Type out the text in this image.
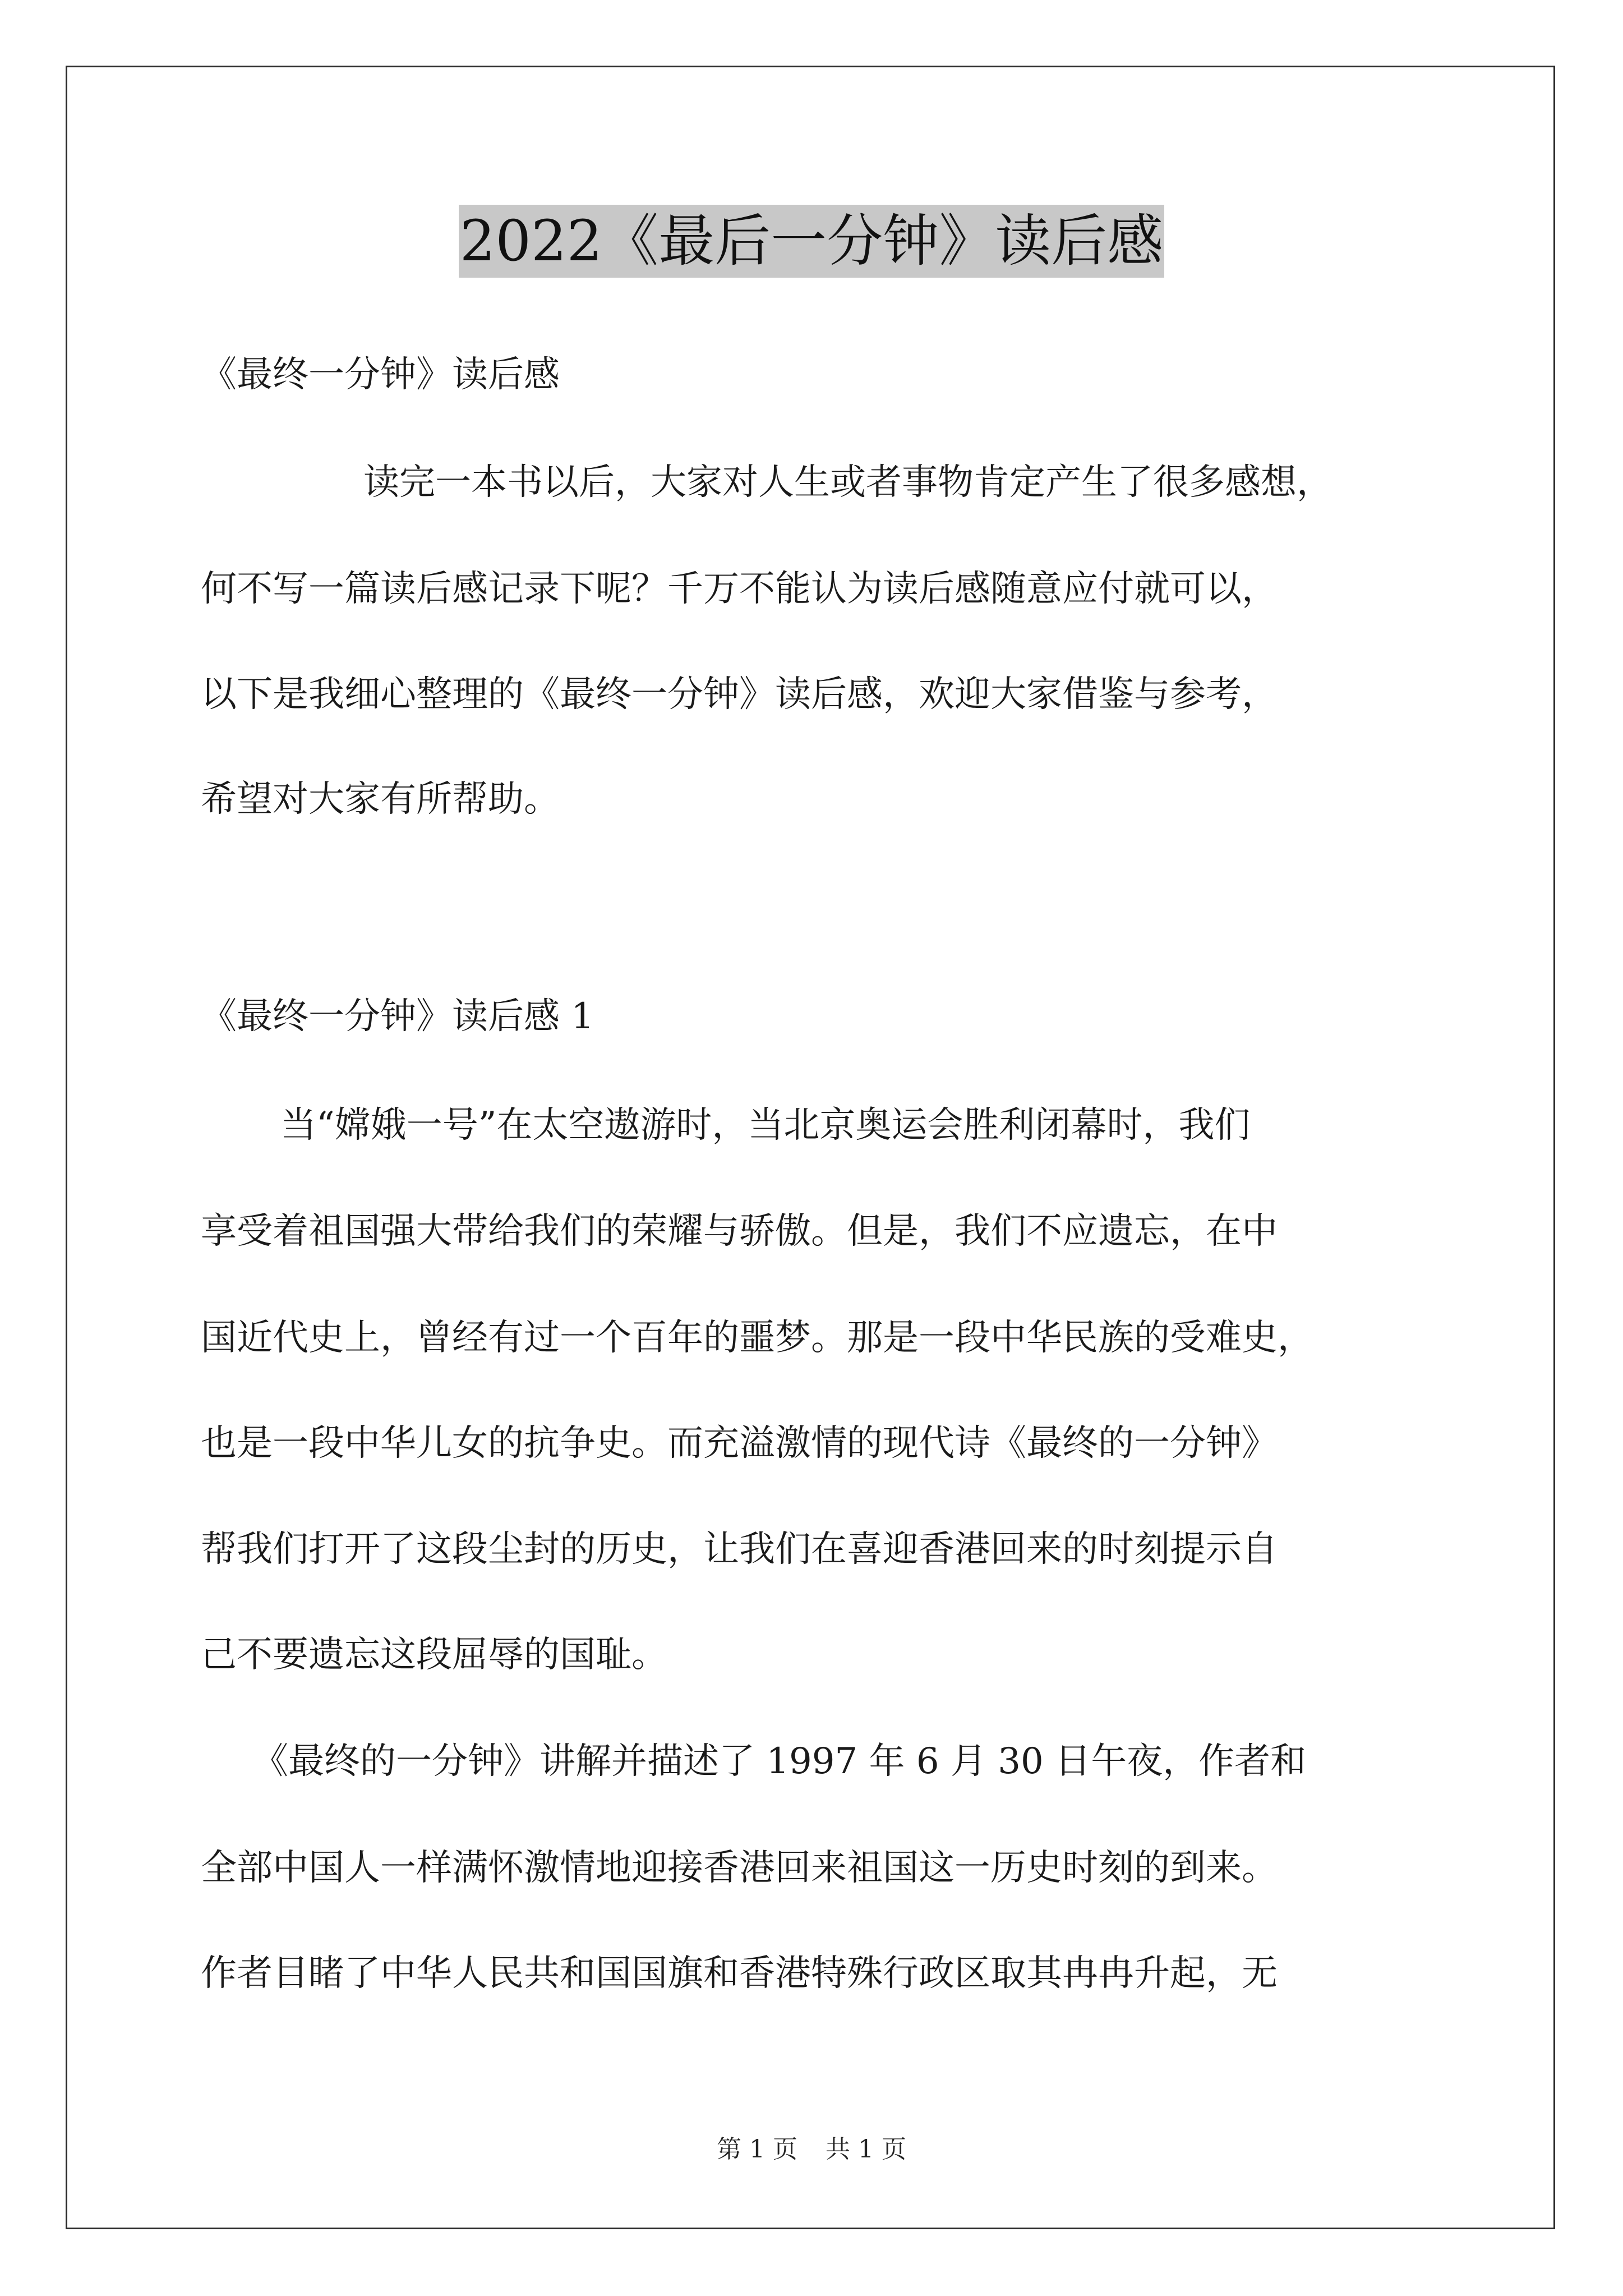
2022《最后一分钟》读后感
《最终一分钟》读后感
读完一本书以后，大家对人生或者事物肯定产生了很多感想，
何不写一篇读后感记录下呢？千万不能认为读后感随意应付就可以，
以下是我细心整理的《最终一分钟》读后感，欢迎大家借鉴与参考，
希望对大家有所帮助。
《最终一分钟》读后感 1
当“嫦娥一号”在太空遨游时，当北京奥运会胜利闭幕时，我们
享受着祖国强大带给我们的荣耀与骄傲。但是，我们不应遗忘，在中
国近代史上，曾经有过一个百年的噩梦。那是一段中华民族的受难史，
也是一段中华儿女的抗争史。而充溢激情的现代诗《最终的一分钟》
帮我们打开了这段尘封的历史，让我们在喜迎香港回来的时刻提示自
己不要遗忘这段屈辱的国耻。
《最终的一分钟》讲解并描述了 1997 年 6 月 30 日午夜，作者和
全部中国人一样满怀激情地迎接香港回来祖国这一历史时刻的到来。
作者目睹了中华人民共和国国旗和香港特殊行政区取其冉冉升起，无
第 1 页 共 1 页
